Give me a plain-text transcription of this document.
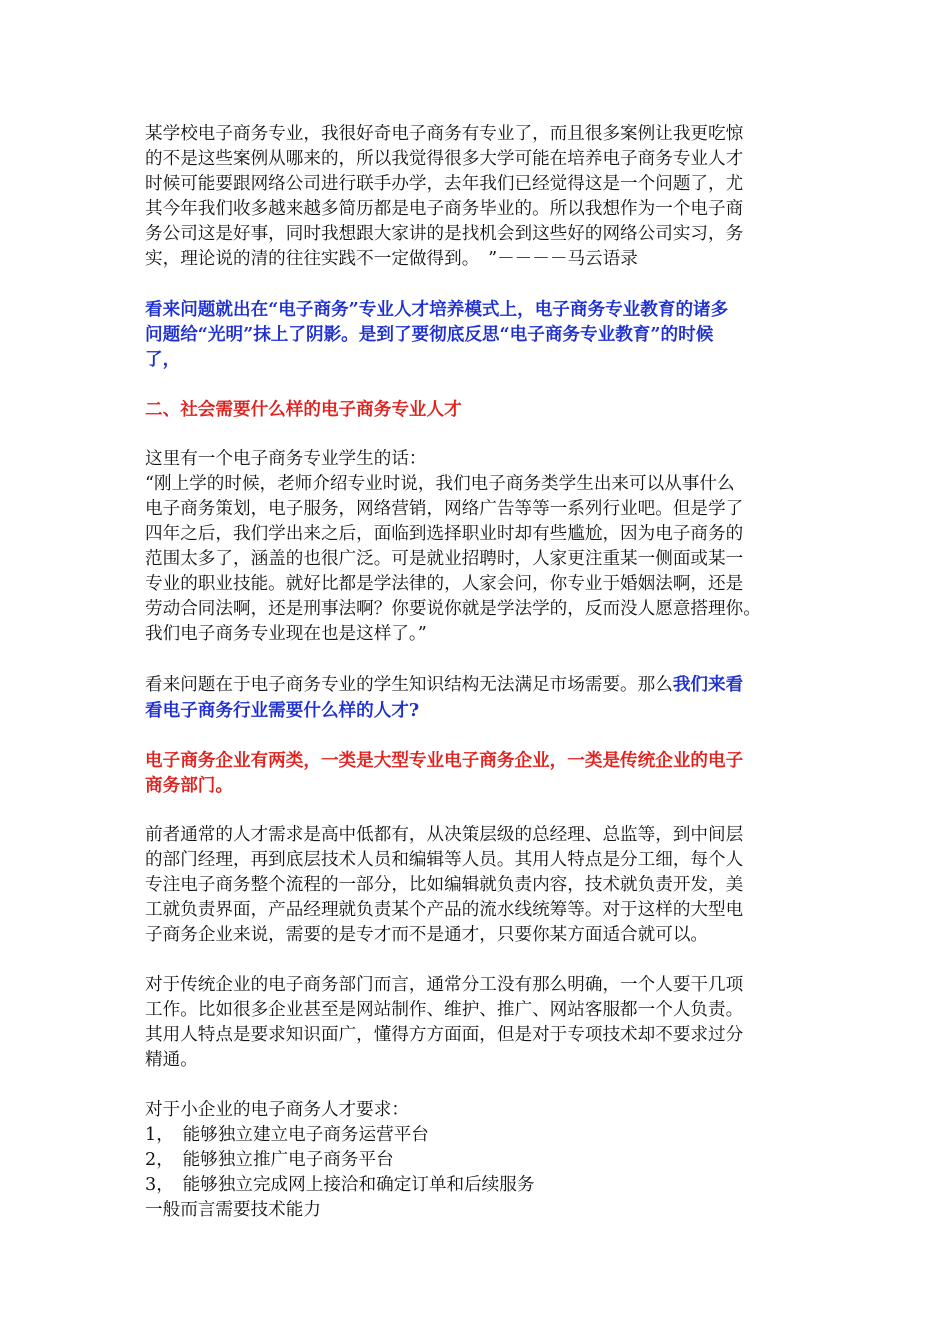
某学校电子商务专业，我很好奇电子商务有专业了，而且很多案例让我更吃惊
的不是这些案例从哪来的，所以我觉得很多大学可能在培养电子商务专业人才
时候可能要跟网络公司进行联手办学，去年我们已经觉得这是一个问题了，尤
其今年我们收多越来越多简历都是电子商务毕业的。所以我想作为一个电子商
务公司这是好事，同时我想跟大家讲的是找机会到这些好的网络公司实习，务
实，理论说的清的往往实践不一定做得到。　”－－－－马云语录

看来问题就出在“电子商务”专业人才培养模式上，电子商务专业教育的诸多
问题给“光明”抹上了阴影。是到了要彻底反思“电子商务专业教育”的时候
了，

二、社会需要什么样的电子商务专业人才

这里有一个电子商务专业学生的话：
“刚上学的时候，老师介绍专业时说，我们电子商务类学生出来可以从事什么
电子商务策划，电子服务，网络营销，网络广告等等一系列行业吧。但是学了
四年之后，我们学出来之后，面临到选择职业时却有些尴尬，因为电子商务的
范围太多了，涵盖的也很广泛。可是就业招聘时，人家更注重某一侧面或某一
专业的职业技能。就好比都是学法律的，人家会问，你专业于婚姻法啊，还是
劳动合同法啊，还是刑事法啊？你要说你就是学法学的，反而没人愿意搭理你。
我们电子商务专业现在也是这样了。”

看来问题在于电子商务专业的学生知识结构无法满足市场需要。那么我们来看
看电子商务行业需要什么样的人才?

电子商务企业有两类，一类是大型专业电子商务企业，一类是传统企业的电子
商务部门。

前者通常的人才需求是高中低都有，从决策层级的总经理、总监等，到中间层
的部门经理，再到底层技术人员和编辑等人员。其用人特点是分工细，每个人
专注电子商务整个流程的一部分，比如编辑就负责内容，技术就负责开发，美
工就负责界面，产品经理就负责某个产品的流水线统筹等。对于这样的大型电
子商务企业来说，需要的是专才而不是通才，只要你某方面适合就可以。

对于传统企业的电子商务部门而言，通常分工没有那么明确，一个人要干几项
工作。比如很多企业甚至是网站制作、维护、推广、网站客服都一个人负责。
其用人特点是要求知识面广，懂得方方面面，但是对于专项技术却不要求过分
精通。

对于小企业的电子商务人才要求：
1，　能够独立建立电子商务运营平台
2，　能够独立推广电子商务平台
3，　能够独立完成网上接洽和确定订单和后续服务
一般而言需要技术能力
